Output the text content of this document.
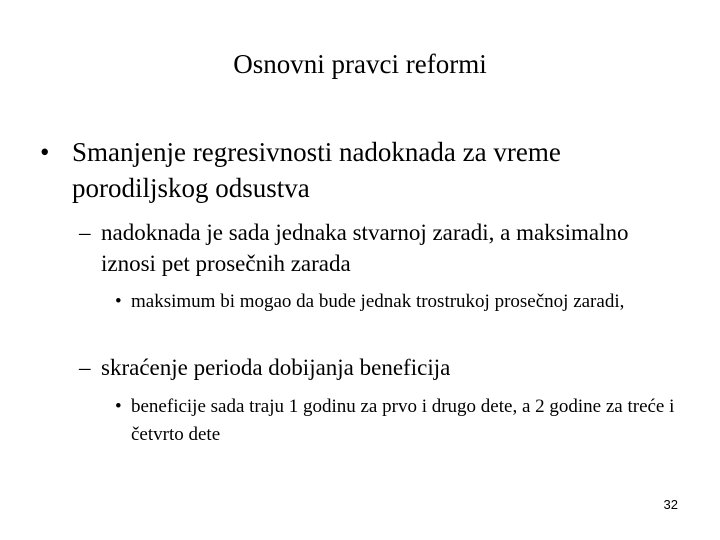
Osnovni pravci reformi
• Smanjenje regresivnosti nadoknada za vreme porodiljskog odsustva
– nadoknada je sada jednaka stvarnoj zaradi, a maksimalno iznosi pet prosečnih zarada
• maksimum bi mogao da bude jednak trostrukoj prosečnoj zaradi,
– skraćenje perioda dobijanja beneficija
• beneficije sada traju 1 godinu za prvo i drugo dete, a 2 godine za treće i četvrto dete
32
